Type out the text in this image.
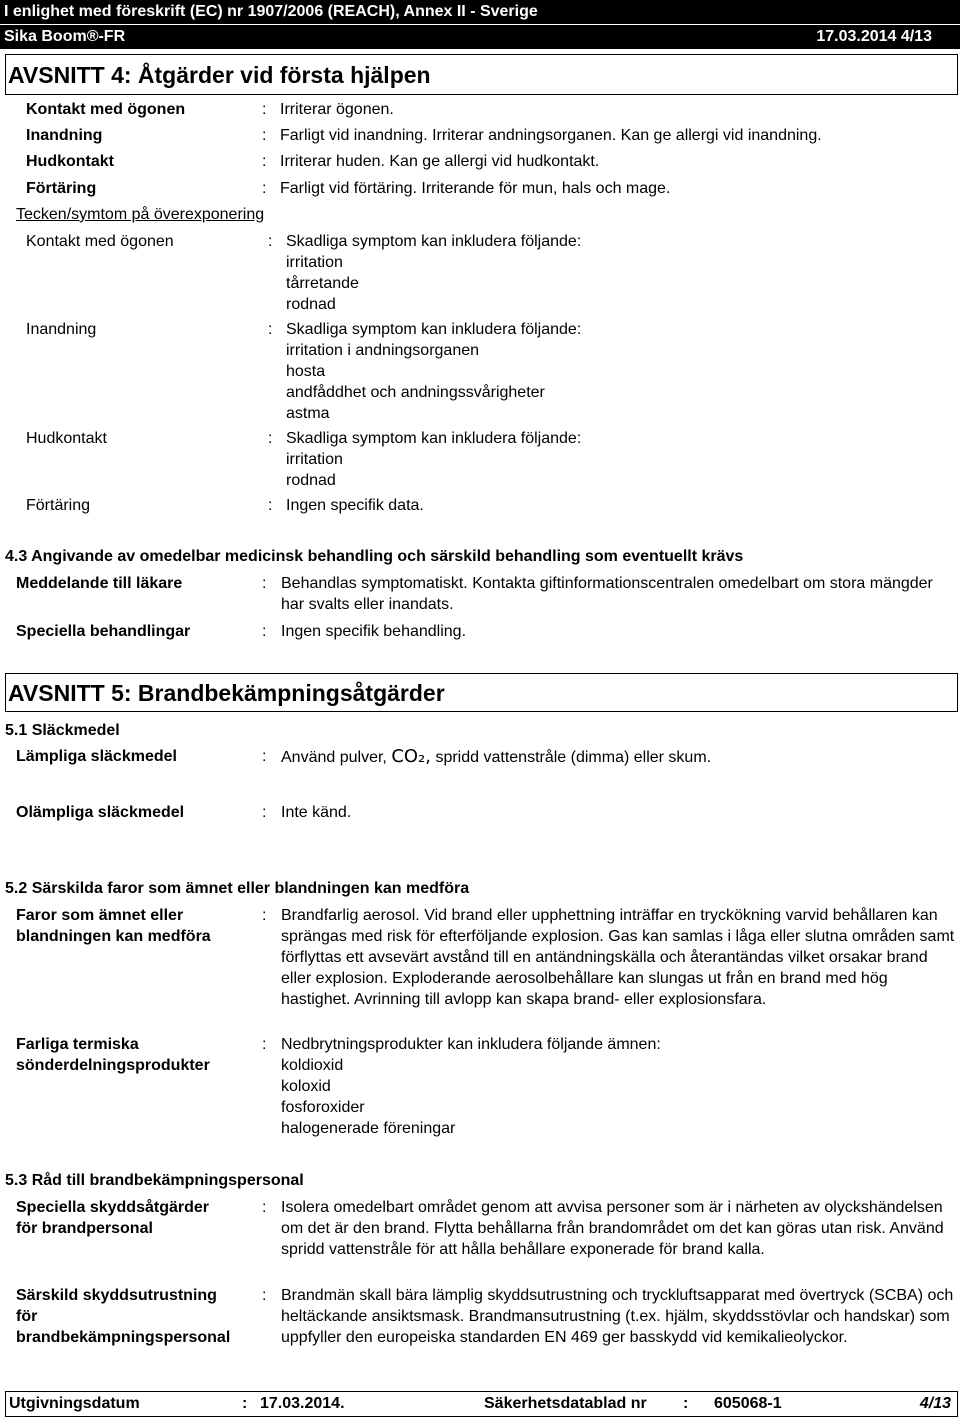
I enlighet med föreskrift (EC) nr 1907/2006 (REACH), Annex II - Sverige
Sika Boom®-FR	17.03.2014 4/13
AVSNITT 4: Åtgärder vid första hjälpen
Kontakt med ögonen	: Irriterar ögonen.
Inandning	: Farligt vid inandning. Irriterar andningsorganen. Kan ge allergi vid inandning.
Hudkontakt	: Irriterar huden. Kan ge allergi vid hudkontakt.
Förtäring	: Farligt vid förtäring. Irriterande för mun, hals och mage.
Tecken/symtom på överexponering
Kontakt med ögonen	: Skadliga symptom kan inkludera följande:
irritation
tårretande
rodnad
Inandning	: Skadliga symptom kan inkludera följande:
irritation i andningsorganen
hosta
andfåddhet och andningssvårigheter
astma
Hudkontakt	: Skadliga symptom kan inkludera följande:
irritation
rodnad
Förtäring	: Ingen specifik data.
4.3 Angivande av omedelbar medicinsk behandling och särskild behandling som eventuellt krävs
Meddelande till läkare	: Behandlas symptomatiskt. Kontakta giftinformationscentralen omedelbart om stora mängder har svalts eller inandats.
Speciella behandlingar	: Ingen specifik behandling.
AVSNITT 5: Brandbekämpningsåtgärder
5.1 Släckmedel
Lämpliga släckmedel	: Använd pulver, CO₂, spridd vattenstråle (dimma) eller skum.
Olämpliga släckmedel	: Inte känd.
5.2 Särskilda faror som ämnet eller blandningen kan medföra
Faror som ämnet eller
blandningen kan medföra
: Brandfarlig aerosol. Vid brand eller upphettning inträffar en tryckökning varvid behållaren kan sprängas med risk för efterföljande explosion. Gas kan samlas i låga eller slutna områden samt förflyttas ett avsevärt avstånd till en antändningskälla och återantändas vilket orsakar brand eller explosion. Exploderande aerosolbehållare kan slungas ut från en brand med hög hastighet. Avrinning till avlopp kan skapa brand- eller explosionsfara.
Farliga termiska
sönderdelningsprodukter
: Nedbrytningsprodukter kan inkludera följande ämnen:
koldioxid
koloxid
fosforoxider
halogenerade föreningar
5.3 Råd till brandbekämpningspersonal
Speciella skyddsåtgärder
för brandpersonal
: Isolera omedelbart området genom att avvisa personer som är i närheten av olyckshändelsen om det är den brand. Flytta behållarna från brandområdet om det kan göras utan risk. Använd spridd vattenstråle för att hålla behållare exponerade för brand kalla.
Särskild skyddsutrustning
för
brandbekämpningspersonal
: Brandmän skall bära lämplig skyddsutrustning och tryckluftsapparat med övertryck (SCBA) och heltäckande ansiktsmask. Brandmansutrustning (t.ex. hjälm, skyddsstövlar och handskar) som uppfyller den europeiska standarden EN 469 ger basskydd vid kemikalieolyckor.
Utgivningsdatum	: 17.03.2014.	Säkerhetsdatablad nr : 605068-1	4/13
